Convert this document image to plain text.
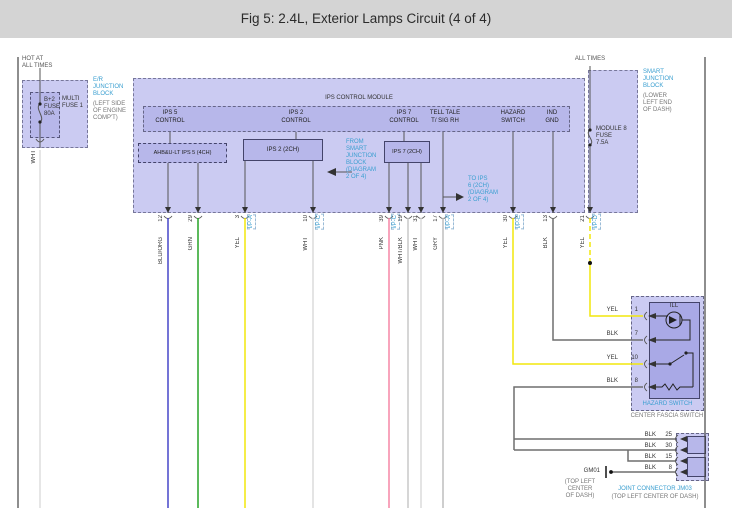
Fig 5: 2.4L, Exterior Lamps Circuit (4 of 4)
HOT AT
ALL TIMES
B+2
FUSE
80A
MULTI
FUSE 1
E/R
JUNCTION
BLOCK
(LEFT SIDE
OF ENGINE
COMP'T)
WHT
IPS CONTROL MODULE
IPS 5
CONTROL
IPS 2
CONTROL
IPS 7
CONTROL
TELL TALE
T/ SIG RH
HAZARD
SWITCH
IND
GND
AHB&U-LT IPS 5 (4CH)	IPS 2 (2CH)	IPS 7 (2CH)
FROM
SMART
JUNCTION
BLOCK
(DIAGRAM
2 OF 4)	TO IPS
6 (2CH)
(DIAGRAM
2 OF 4)
ALL TIMES
SMART
JUNCTION
BLOCK
(LOWER
LEFT END
OF DASH)
MODULE 8
FUSE
7.5A
12
BLU/ORG
29
GRN
3	I/P-A
YEL
10	I/P-C
WHT
39	I/P-C
PNK
19
WHT/BLK
31
WHT
17	I/P-A
GRY
30	I/P-E
YEL
13
BLK
21	I/P-D
YEL
YEL	1
BLK	7
YEL	10
BLK	8
ILL
HAZARD SWITCH
CENTER FASCIA SWITCH
BLK	25
BLK	30
BLK	15
BLK	8
JOINT CONNECTOR JM03
(TOP LEFT CENTER OF DASH)
GM01
(TOP LEFT
CENTER
OF DASH)
